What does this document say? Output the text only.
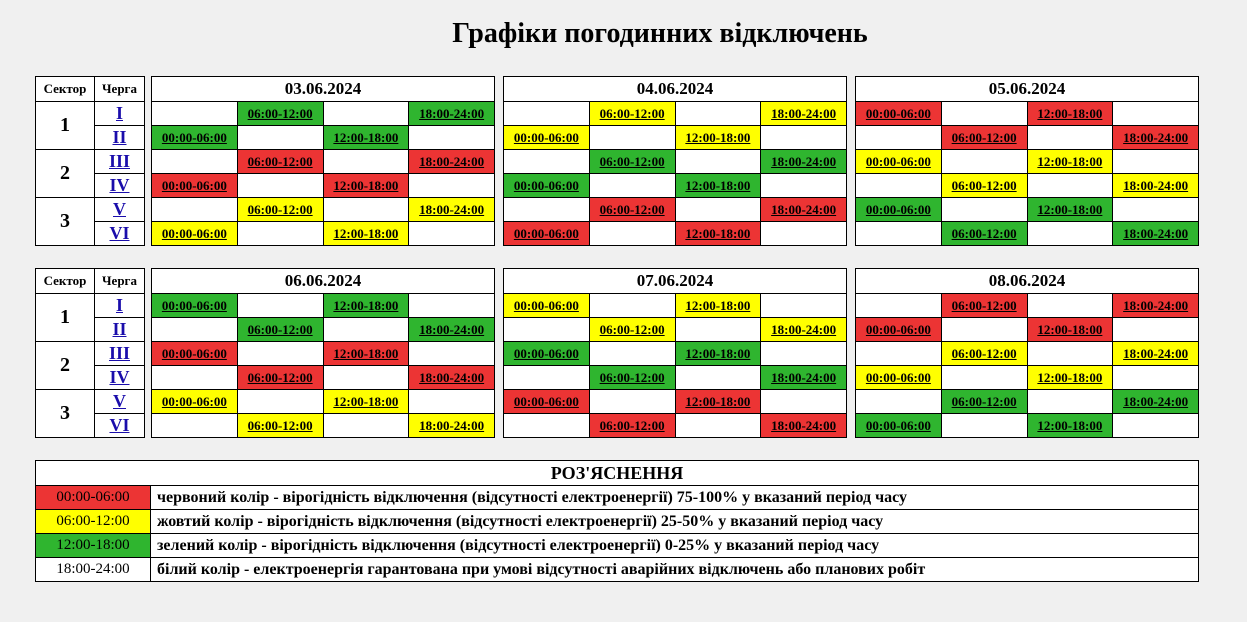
Графіки погодинних відключень
Сектор	Черга
1	I
	II
2	III
	IV
3	V
	VI
03.06.2024			
	06:00-12:00		18:00-24:00
00:00-06:00		12:00-18:00	
	06:00-12:00		18:00-24:00
00:00-06:00		12:00-18:00	
	06:00-12:00		18:00-24:00
00:00-06:00		12:00-18:00	
04.06.2024			
	06:00-12:00		18:00-24:00
00:00-06:00		12:00-18:00	
	06:00-12:00		18:00-24:00
00:00-06:00		12:00-18:00	
	06:00-12:00		18:00-24:00
00:00-06:00		12:00-18:00	
05.06.2024			
00:00-06:00		12:00-18:00	
	06:00-12:00		18:00-24:00
00:00-06:00		12:00-18:00	
	06:00-12:00		18:00-24:00
00:00-06:00		12:00-18:00	
	06:00-12:00		18:00-24:00
Сектор	Черга
1	I
	II
2	III
	IV
3	V
	VI
06.06.2024			
00:00-06:00		12:00-18:00	
	06:00-12:00		18:00-24:00
00:00-06:00		12:00-18:00	
	06:00-12:00		18:00-24:00
00:00-06:00		12:00-18:00	
	06:00-12:00		18:00-24:00
07.06.2024			
00:00-06:00		12:00-18:00	
	06:00-12:00		18:00-24:00
00:00-06:00		12:00-18:00	
	06:00-12:00		18:00-24:00
00:00-06:00		12:00-18:00	
	06:00-12:00		18:00-24:00
08.06.2024			
	06:00-12:00		18:00-24:00
00:00-06:00		12:00-18:00	
	06:00-12:00		18:00-24:00
00:00-06:00		12:00-18:00	
	06:00-12:00		18:00-24:00
00:00-06:00		12:00-18:00	
РОЗ'ЯСНЕННЯ	
00:00-06:00	червоний колір - вірогідність відключення (відсутності електроенергії) 75-100% у вказаний період часу
06:00-12:00	жовтий колір - вірогідність відключення (відсутності електроенергії) 25-50% у вказаний період часу
12:00-18:00	зелений колір - вірогідність відключення (відсутності електроенергії) 0-25% у вказаний період часу
18:00-24:00	білий колір - електроенергія гарантована при умові відсутності аварійних відключень або планових робіт
